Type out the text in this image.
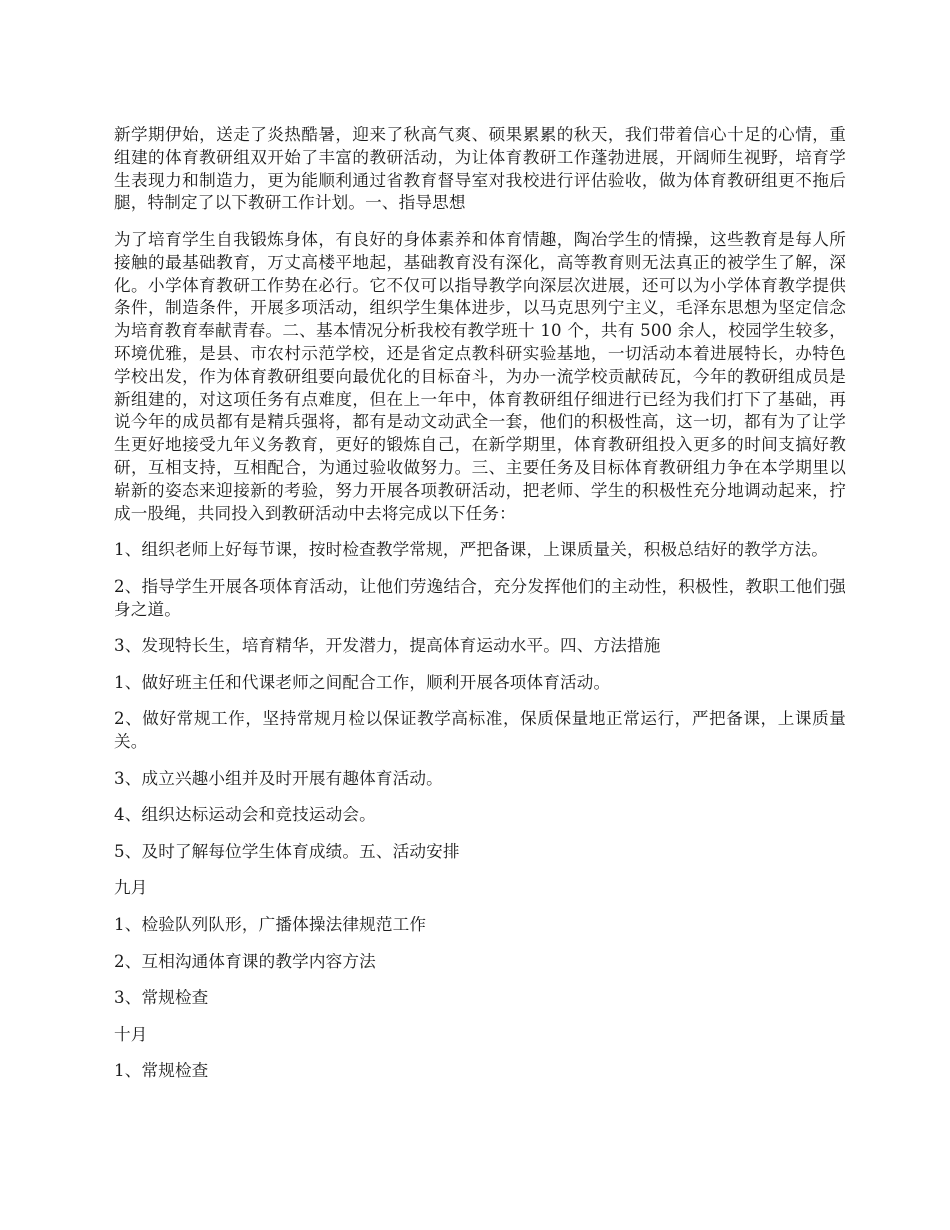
新学期伊始，送走了炎热酷暑，迎来了秋高气爽、硕果累累的秋天，我们带着信心十足的心情，重组建的体育教研组双开始了丰富的教研活动，为让体育教研工作蓬勃进展，开阔师生视野，培育学生表现力和制造力，更为能顺利通过省教育督导室对我校进行评估验收，做为体育教研组更不拖后腿，特制定了以下教研工作计划。一、指导思想

为了培育学生自我锻炼身体，有良好的身体素养和体育情趣，陶冶学生的情操，这些教育是每人所接触的最基础教育，万丈高楼平地起，基础教育没有深化，高等教育则无法真正的被学生了解，深化。小学体育教研工作势在必行。它不仅可以指导教学向深层次进展，还可以为小学体育教学提供条件，制造条件，开展多项活动，组织学生集体进步，以马克思列宁主义，毛泽东思想为坚定信念为培育教育奉献青春。二、基本情况分析我校有教学班十 10 个，共有 500 余人，校园学生较多，环境优雅，是县、市农村示范学校，还是省定点教科研实验基地，一切活动本着进展特长，办特色学校出发，作为体育教研组要向最优化的目标奋斗，为办一流学校贡献砖瓦，今年的教研组成员是新组建的，对这项任务有点难度，但在上一年中，体育教研组仔细进行已经为我们打下了基础，再说今年的成员都有是精兵强将，都有是动文动武全一套，他们的积极性高，这一切，都有为了让学生更好地接受九年义务教育，更好的锻炼自己，在新学期里，体育教研组投入更多的时间支搞好教研，互相支持，互相配合，为通过验收做努力。三、主要任务及目标体育教研组力争在本学期里以崭新的姿态来迎接新的考验，努力开展各项教研活动，把老师、学生的积极性充分地调动起来，拧成一股绳，共同投入到教研活动中去将完成以下任务：

1、组织老师上好每节课，按时检查教学常规，严把备课，上课质量关，积极总结好的教学方法。

2、指导学生开展各项体育活动，让他们劳逸结合，充分发挥他们的主动性，积极性，教职工他们强身之道。

3、发现特长生，培育精华，开发潜力，提高体育运动水平。四、方法措施

1、做好班主任和代课老师之间配合工作，顺利开展各项体育活动。

2、做好常规工作，坚持常规月检以保证教学高标准，保质保量地正常运行，严把备课，上课质量关。

3、成立兴趣小组并及时开展有趣体育活动。

4、组织达标运动会和竞技运动会。

5、及时了解每位学生体育成绩。五、活动安排

九月

1、检验队列队形，广播体操法律规范工作

2、互相沟通体育课的教学内容方法

3、常规检查

十月

1、常规检查
